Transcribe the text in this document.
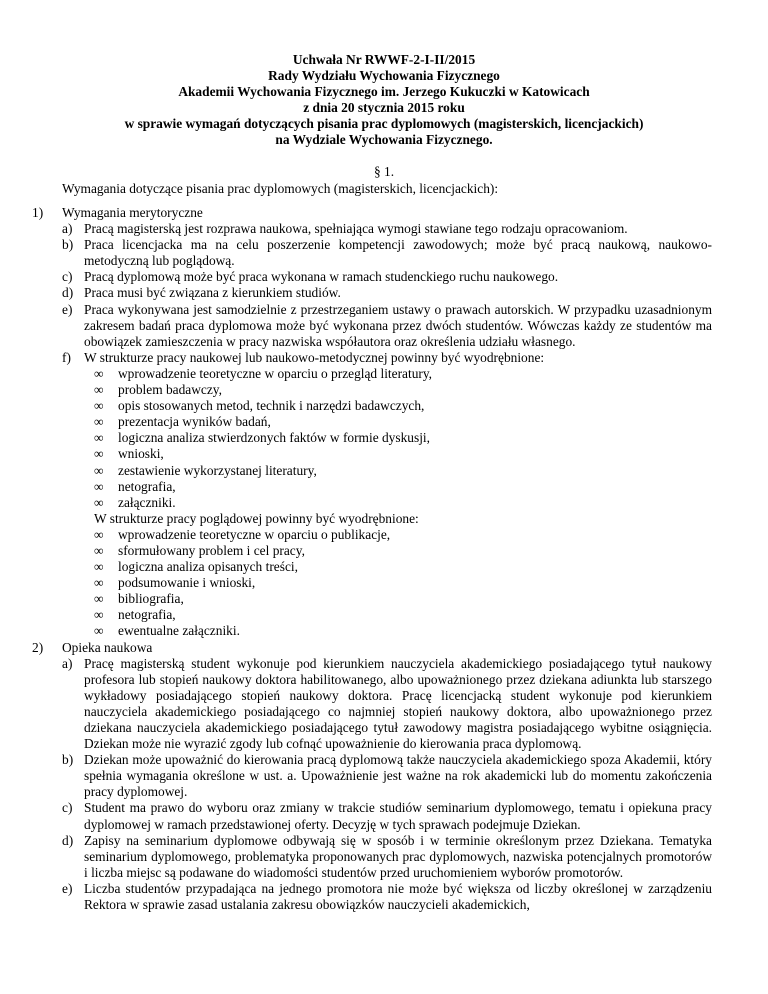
Uchwała Nr RWWF-2-I-II/2015
Rady Wydziału Wychowania Fizycznego
Akademii Wychowania Fizycznego im. Jerzego Kukuczki w Katowicach
z dnia 20 stycznia 2015 roku
w sprawie wymagań dotyczących pisania prac dyplomowych (magisterskich, licencjackich)
na Wydziale Wychowania Fizycznego.
§ 1.
Wymagania dotyczące pisania prac dyplomowych (magisterskich, licencjackich):
1)	Wymagania merytoryczne
a) Pracą magisterską jest rozprawa naukowa, spełniająca wymogi stawiane tego rodzaju opracowaniom.
b) Praca licencjacka ma na celu poszerzenie kompetencji zawodowych; może być pracą naukową, naukowo-metodyczną lub poglądową.
c) Pracą dyplomową może być praca wykonana w ramach studenckiego ruchu naukowego.
d) Praca musi być związana z kierunkiem studiów.
e) Praca wykonywana jest samodzielnie z przestrzeganiem ustawy o prawach autorskich. W przypadku uzasadnionym zakresem badań praca dyplomowa może być wykonana przez dwóch studentów. Wówczas każdy ze studentów ma obowiązek zamieszczenia w pracy nazwiska współautora oraz określenia udziału własnego.
f) W strukturze pracy naukowej lub naukowo-metodycznej powinny być wyodrębnione:
∞	wprowadzenie teoretyczne w oparciu o przegląd literatury,
∞	problem badawczy,
∞	opis stosowanych metod, technik i narzędzi badawczych,
∞	prezentacja wyników badań,
∞	logiczna analiza stwierdzonych faktów w formie dyskusji,
∞	wnioski,
∞	zestawienie wykorzystanej literatury,
∞	netografia,
∞	załączniki.
W strukturze pracy poglądowej powinny być wyodrębnione:
∞	wprowadzenie teoretyczne w oparciu o publikacje,
∞	sformułowany problem i cel pracy,
∞	logiczna analiza opisanych treści,
∞	podsumowanie i wnioski,
∞	bibliografia,
∞	netografia,
∞	ewentualne załączniki.
2)	Opieka naukowa
a) Pracę magisterską student wykonuje pod kierunkiem nauczyciela akademickiego posiadającego tytuł naukowy profesora lub stopień naukowy doktora habilitowanego, albo upoważnionego przez dziekana adiunkta lub starszego wykładowy posiadającego stopień naukowy doktora. Pracę licencjacką student wykonuje pod kierunkiem nauczyciela akademickiego posiadającego co najmniej stopień naukowy doktora, albo upoważnionego przez dziekana nauczyciela akademickiego posiadającego tytuł zawodowy magistra posiadającego wybitne osiągnięcia. Dziekan może nie wyrazić zgody lub cofnąć upoważnienie do kierowania praca dyplomową.
b) Dziekan może upoważnić do kierowania pracą dyplomową także nauczyciela akademickiego spoza Akademii, który spełnia wymagania określone w ust. a. Upoważnienie jest ważne na rok akademicki lub do momentu zakończenia pracy dyplomowej.
c) Student ma prawo do wyboru oraz zmiany w trakcie studiów seminarium dyplomowego, tematu i opiekuna pracy dyplomowej w ramach przedstawionej oferty. Decyzję w tych sprawach podejmuje Dziekan.
d) Zapisy na seminarium dyplomowe odbywają się w sposób i w terminie określonym przez Dziekana. Tematyka seminarium dyplomowego, problematyka proponowanych prac dyplomowych, nazwiska potencjalnych promotorów i liczba miejsc są podawane do wiadomości studentów przed uruchomieniem wyborów promotorów.
e) Liczba studentów przypadająca na jednego promotora nie może być większa od liczby określonej w zarządzeniu Rektora w sprawie zasad ustalania zakresu obowiązków nauczycieli akademickich,
